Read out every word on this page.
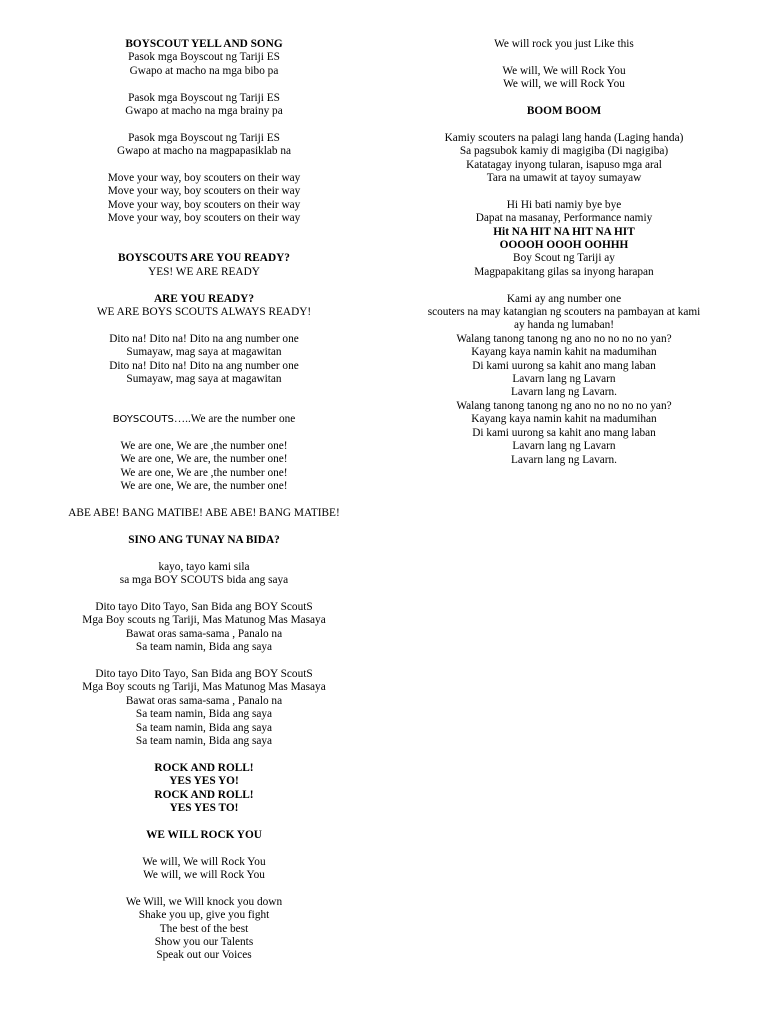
BOYSCOUT YELL AND SONG
Pasok mga Boyscout ng Tariji ES
Gwapo at macho na mga bibo pa
Pasok mga Boyscout ng Tariji ES
Gwapo at macho na mga brainy pa
Pasok mga Boyscout ng Tariji ES
Gwapo at macho na magpapasiklab na
Move your way, boy scouters on their way
Move your way, boy scouters on their way
Move your way, boy scouters on their way
Move your way, boy scouters on their way
BOYSCOUTS ARE YOU READY?
YES! WE ARE READY
ARE YOU READY?
WE ARE BOYS SCOUTS ALWAYS READY!
Dito na! Dito na! Dito na ang number one
Sumayaw, mag saya at magawitan
Dito na! Dito na! Dito na ang number one
Sumayaw, mag saya at magawitan
BOYSCOUTS…..We are the number one
We are one, We are ,the number one!
We are one, We are, the number one!
We are one, We are ,the number one!
We are one, We are, the number one!
ABE ABE! BANG MATIBE! ABE ABE! BANG MATIBE!
SINO ANG TUNAY NA BIDA?
kayo, tayo kami sila
sa mga BOY SCOUTS bida ang saya
Dito tayo Dito Tayo, San Bida ang BOY ScoutS
Mga Boy scouts ng Tariji, Mas Matunog Mas Masaya
Bawat oras sama-sama , Panalo na
Sa team namin, Bida ang saya
Dito tayo Dito Tayo, San Bida ang BOY ScoutS
Mga Boy scouts ng Tariji, Mas Matunog Mas Masaya
Bawat oras sama-sama , Panalo na
Sa team namin, Bida ang saya
Sa team namin, Bida ang saya
Sa team namin, Bida ang saya
ROCK AND ROLL!
YES YES YO!
ROCK AND ROLL!
YES YES TO!
WE WILL ROCK YOU
We will, We will Rock You
We will, we will Rock You
We Will, we Will knock you down
Shake you up, give you fight
The best of the best
Show you our Talents
Speak out our Voices
We will rock you just Like this
We will, We will Rock You
We will, we will Rock You
BOOM BOOM
Kamiy scouters na palagi lang handa (Laging handa)
Sa pagsubok kamiy di magigiba (Di nagigiba)
Katatagay inyong tularan, isapuso mga aral
Tara na umawit at tayoy sumayaw
Hi Hi bati namiy bye bye
Dapat na masanay, Performance namiy
Hit NA HIT NA HIT NA HIT
OOOOH OOOH OOHHH
Boy Scout ng Tariji ay
Magpapakitang gilas sa inyong harapan
Kami ay ang number one
scouters na may katangian ng scouters na pambayan at kami
ay handa ng lumaban!
Walang tanong tanong ng ano no no no no yan?
Kayang kaya namin kahit na madumihan
Di kami uurong sa kahit ano mang laban
Lavarn lang ng Lavarn
Lavarn lang ng Lavarn.
Walang tanong tanong ng ano no no no no yan?
Kayang kaya namin kahit na madumihan
Di kami uurong sa kahit ano mang laban
Lavarn lang ng Lavarn
Lavarn lang ng Lavarn.
